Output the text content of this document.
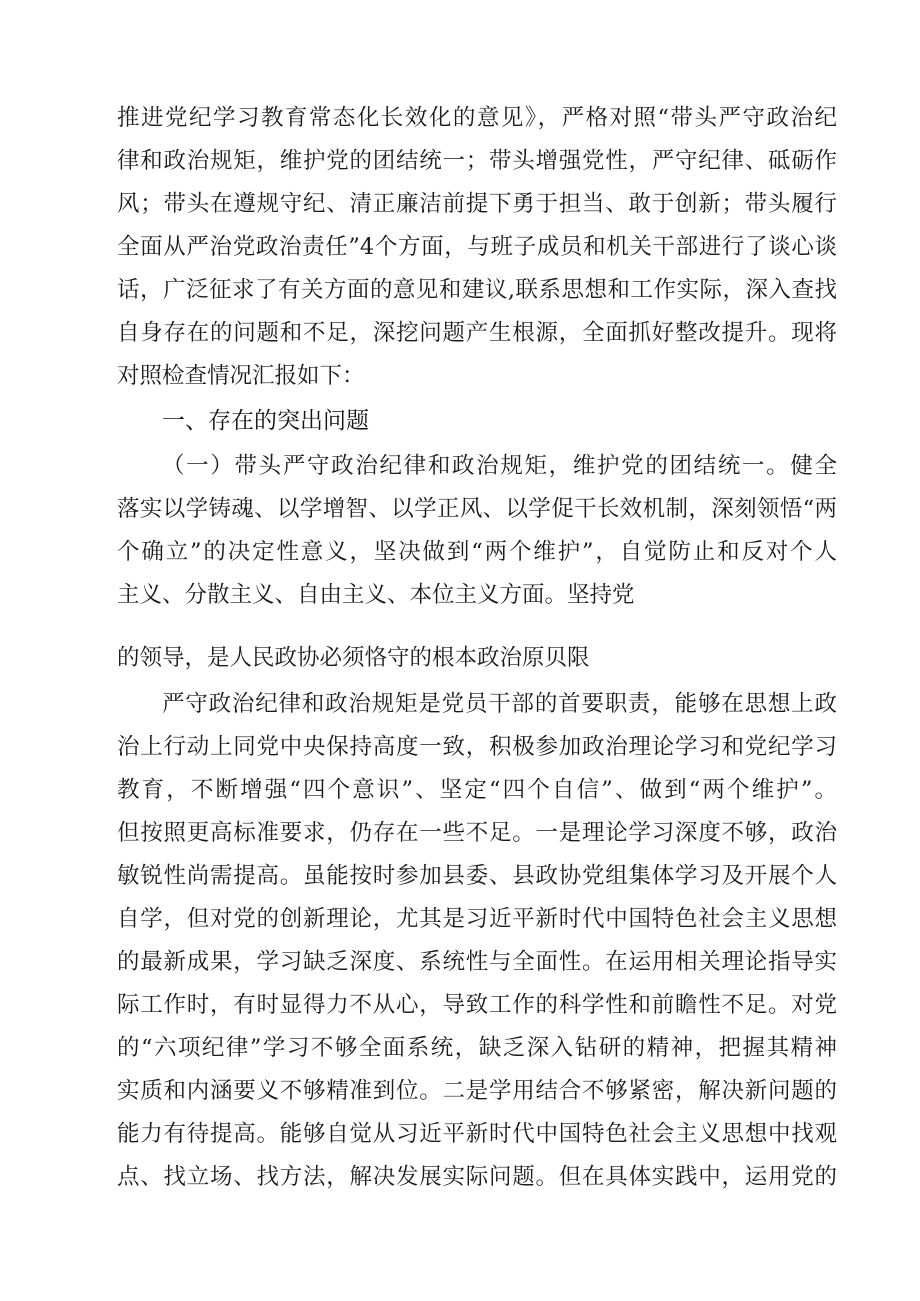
推进党纪学习教育常态化长效化的意见》，严格对照“带头严守政治纪
律和政治规矩，维护党的团结统一；带头增强党性，严守纪律、砥砺作
风；带头在遵规守纪、清正廉洁前提下勇于担当、敢于创新；带头履行
全面从严治党政治责任”4个方面，与班子成员和机关干部进行了谈心谈
话，广泛征求了有关方面的意见和建议,联系思想和工作实际，深入查找
自身存在的问题和不足，深挖问题产生根源，全面抓好整改提升。现将
对照检查情况汇报如下：
一、存在的突出问题
（一）带头严守政治纪律和政治规矩，维护党的团结统一。健全
落实以学铸魂、以学增智、以学正风、以学促干长效机制，深刻领悟“两
个确立”的决定性意义，坚决做到“两个维护”，自觉防止和反对个人
主义、分散主义、自由主义、本位主义方面。坚持党
的领导，是人民政协必须恪守的根本政治原贝限
严守政治纪律和政治规矩是党员干部的首要职责，能够在思想上政
治上行动上同党中央保持高度一致，积极参加政治理论学习和党纪学习
教育，不断增强“四个意识”、坚定“四个自信”、做到“两个维护”。
但按照更高标准要求，仍存在一些不足。一是理论学习深度不够，政治
敏锐性尚需提高。虽能按时参加县委、县政协党组集体学习及开展个人
自学，但对党的创新理论，尤其是习近平新时代中国特色社会主义思想
的最新成果，学习缺乏深度、系统性与全面性。在运用相关理论指导实
际工作时，有时显得力不从心，导致工作的科学性和前瞻性不足。对党
的“六项纪律”学习不够全面系统，缺乏深入钻研的精神，把握其精神
实质和内涵要义不够精准到位。二是学用结合不够紧密，解决新问题的
能力有待提高。能够自觉从习近平新时代中国特色社会主义思想中找观
点、找立场、找方法，解决发展实际问题。但在具体实践中，运用党的
